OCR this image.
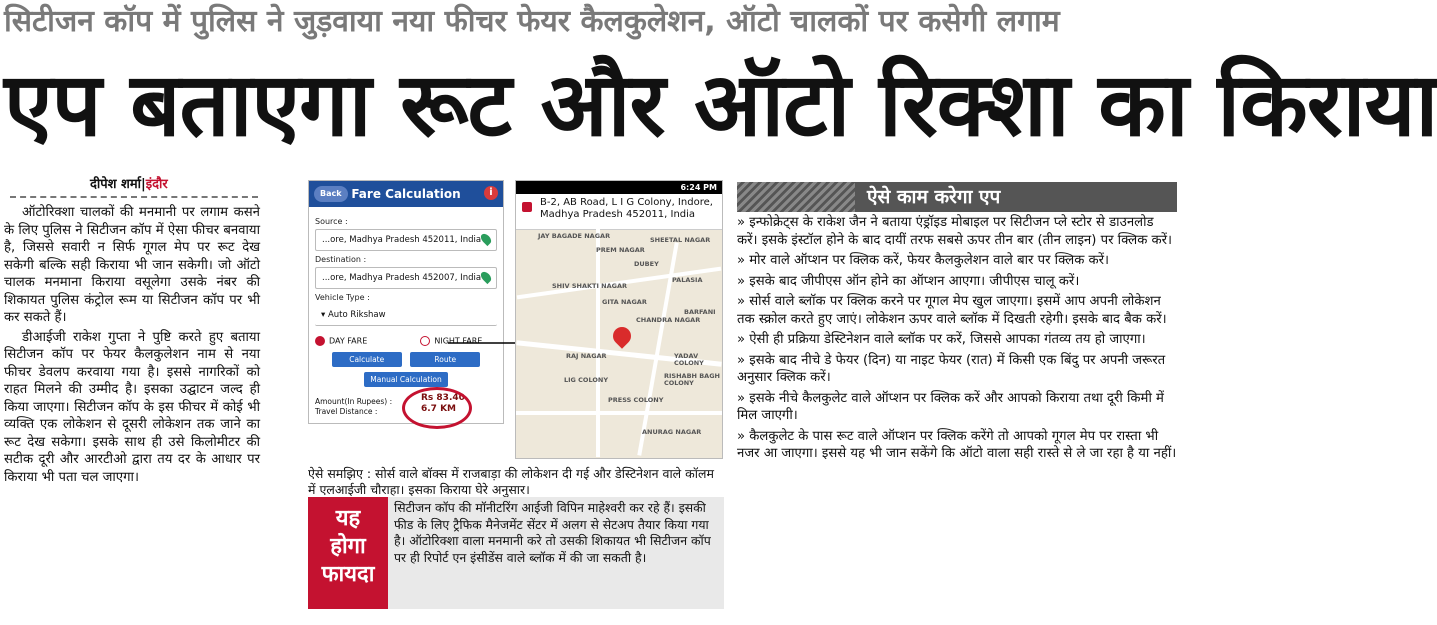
सिटीजन कॉप में पुलिस ने जुड़वाया नया फीचर फेयर कैलकुलेशन, ऑटो चालकों पर कसेगी लगाम
एप बताएगा रूट और ऑटो रिक्शा का किराया
दीपेश शर्मा|इंदौर

ऑटोरिक्शा चालकों की मनमानी पर लगाम कसने के लिए पुलिस ने सिटीजन कॉप में ऐसा फीचर बनवाया है, जिससे सवारी न सिर्फ गूगल मेप पर रूट देख सकेगी बल्कि सही किराया भी जान सकेगी। जो ऑटो चालक मनमाना किराया वसूलेगा उसके नंबर की शिकायत पुलिस कंट्रोल रूम या सिटीजन कॉप पर भी कर सकते हैं।

डीआईजी राकेश गुप्ता ने पुष्टि करते हुए बताया सिटीजन कॉप पर फेयर कैलकुलेशन नाम से नया फीचर डेवलप करवाया गया है। इससे नागरिकों को राहत मिलने की उम्मीद है। इसका उद्घाटन जल्द ही किया जाएगा। सिटीजन कॉप के इस फीचर में कोई भी व्यक्ति एक लोकेशन से दूसरी लोकेशन तक जाने का रूट देख सकेगा। इसके साथ ही उसे किलोमीटर की सटीक दूरी और आरटीओ द्वारा तय दर के आधार पर किराया भी पता चल जाएगा।

Back Fare Calculation	i
Source :
...ore, Madhya Pradesh 452011, India
Destination :
...ore, Madhya Pradesh 452007, India
Vehicle Type :
▾ Auto Rikshaw
DAY FARE	NIGHT FARE
Calculate	Route
Manual Calculation
Amount(In Rupees) :
Travel Distance :
Rs 83.40
6.7 KM
6:24 PM
B-2, AB Road, L I G Colony, Indore, Madhya Pradesh 452011, India
JAY BAGADE NAGAR	SHEETAL NAGAR
PREM NAGAR
DUBEY
PALASIA
SHIV SHAKTI NAGAR
GITA NAGAR
CHANDRA NAGAR
BARFANI
RAJ NAGAR	YADAV COLONY
LIG COLONY	RISHABH BAGH COLONY
PRESS COLONY
ANURAG NAGAR
ऐसे समझिए : सोर्स वाले बॉक्स में राजबाड़ा की लोकेशन दी गई और डेस्टिनेशन वाले कॉलम में एलआईजी चौराहा। इसका किराया घेरे अनुसार।
यह
होगा
फायदा
सिटीजन कॉप की मॉनीटरिंग आईजी विपिन माहेश्वरी कर रहे हैं। इसकी फीड के लिए ट्रैफिक मैनेजमेंट सेंटर में अलग से सेटअप तैयार किया गया है। ऑटोरिक्शा वाला मनमानी करे तो उसकी शिकायत भी सिटीजन कॉप पर ही रिपोर्ट एन इंसीडेंस वाले ब्लॉक में की जा सकती है।
ऐसे काम करेगा एप

» इन्फोक्रेट्स के राकेश जैन ने बताया एंड्रॉइड मोबाइल पर सिटीजन प्ले स्टोर से डाउनलोड करें। इसके इंस्टॉल होने के बाद दायीं तरफ सबसे ऊपर तीन बार (तीन लाइन) पर क्लिक करें।

» मोर वाले ऑप्शन पर क्लिक करें, फेयर कैलकुलेशन वाले बार पर क्लिक करें।

» इसके बाद जीपीएस ऑन होने का ऑप्शन आएगा। जीपीएस चालू करें।

» सोर्स वाले ब्लॉक पर क्लिक करने पर गूगल मेप खुल जाएगा। इसमें आप अपनी लोकेशन तक स्क्रोल करते हुए जाएं। लोकेशन ऊपर वाले ब्लॉक में दिखती रहेगी। इसके बाद बैक करें।

» ऐसी ही प्रक्रिया डेस्टिनेशन वाले ब्लॉक पर करें, जिससे आपका गंतव्य तय हो जाएगा।

» इसके बाद नीचे डे फेयर (दिन) या नाइट फेयर (रात) में किसी एक बिंदु पर अपनी जरूरत अनुसार क्लिक करें।

» इसके नीचे कैलकुलेट वाले ऑप्शन पर क्लिक करें और आपको किराया तथा दूरी किमी में मिल जाएगी।

» कैलकुलेट के पास रूट वाले ऑप्शन पर क्लिक करेंगे तो आपको गूगल मेप पर रास्ता भी नजर आ जाएगा। इससे यह भी जान सकेंगे कि ऑटो वाला सही रास्ते से ले जा रहा है या नहीं।
